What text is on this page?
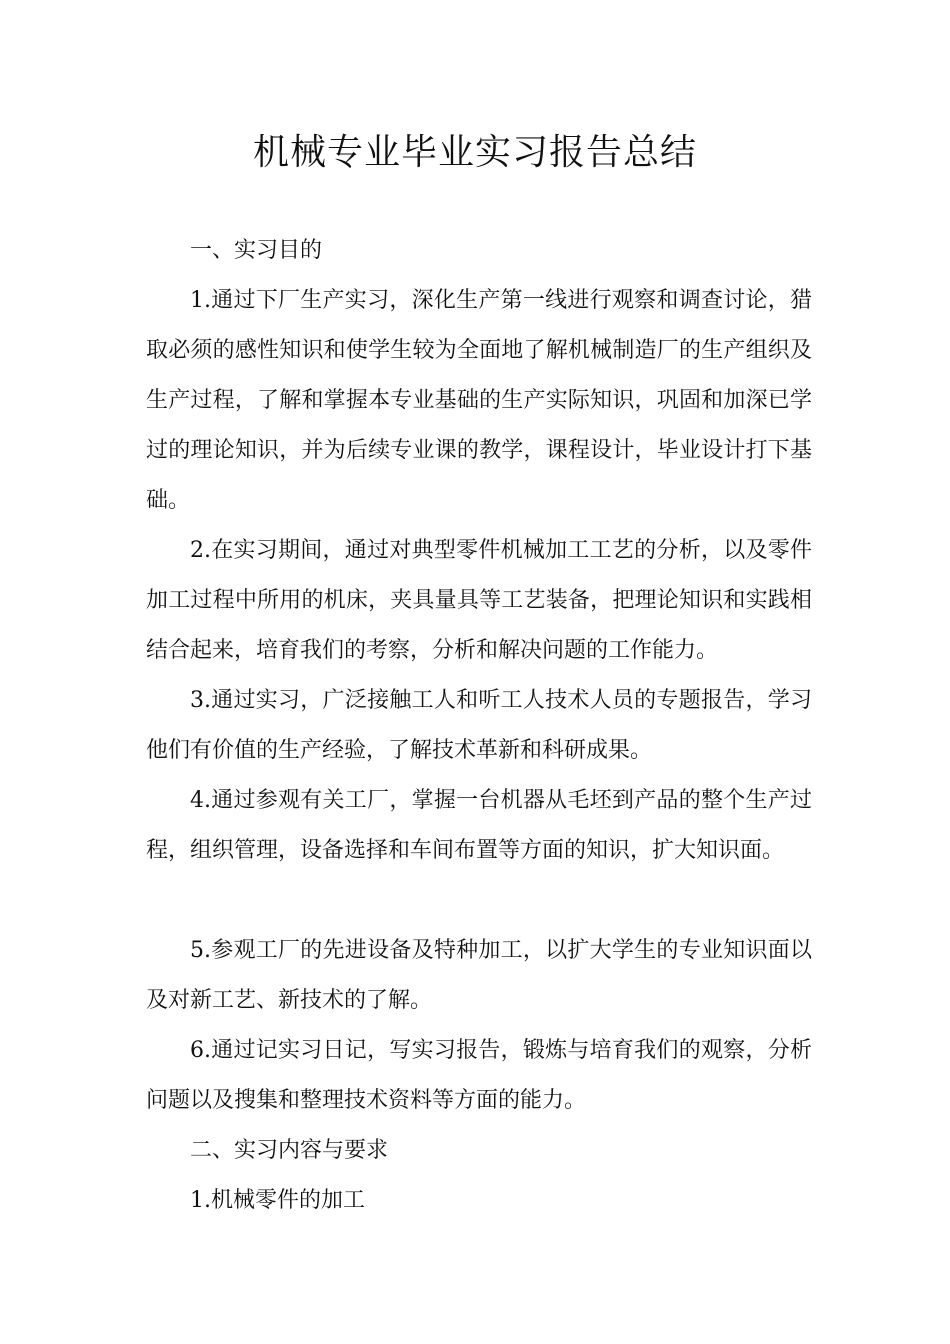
机械专业毕业实习报告总结

一、实习目的

1.通过下厂生产实习，深化生产第一线进行观察和调查讨论，猎取必须的感性知识和使学生较为全面地了解机械制造厂的生产组织及生产过程，了解和掌握本专业基础的生产实际知识，巩固和加深已学过的理论知识，并为后续专业课的教学，课程设计，毕业设计打下基础。

2.在实习期间，通过对典型零件机械加工工艺的分析，以及零件加工过程中所用的机床，夹具量具等工艺装备，把理论知识和实践相结合起来，培育我们的考察，分析和解决问题的工作能力。

3.通过实习，广泛接触工人和听工人技术人员的专题报告，学习他们有价值的生产经验，了解技术革新和科研成果。

4.通过参观有关工厂，掌握一台机器从毛坯到产品的整个生产过程，组织管理，设备选择和车间布置等方面的知识，扩大知识面。

5.参观工厂的先进设备及特种加工，以扩大学生的专业知识面以及对新工艺、新技术的了解。

6.通过记实习日记，写实习报告，锻炼与培育我们的观察，分析问题以及搜集和整理技术资料等方面的能力。

二、实习内容与要求

1.机械零件的加工
